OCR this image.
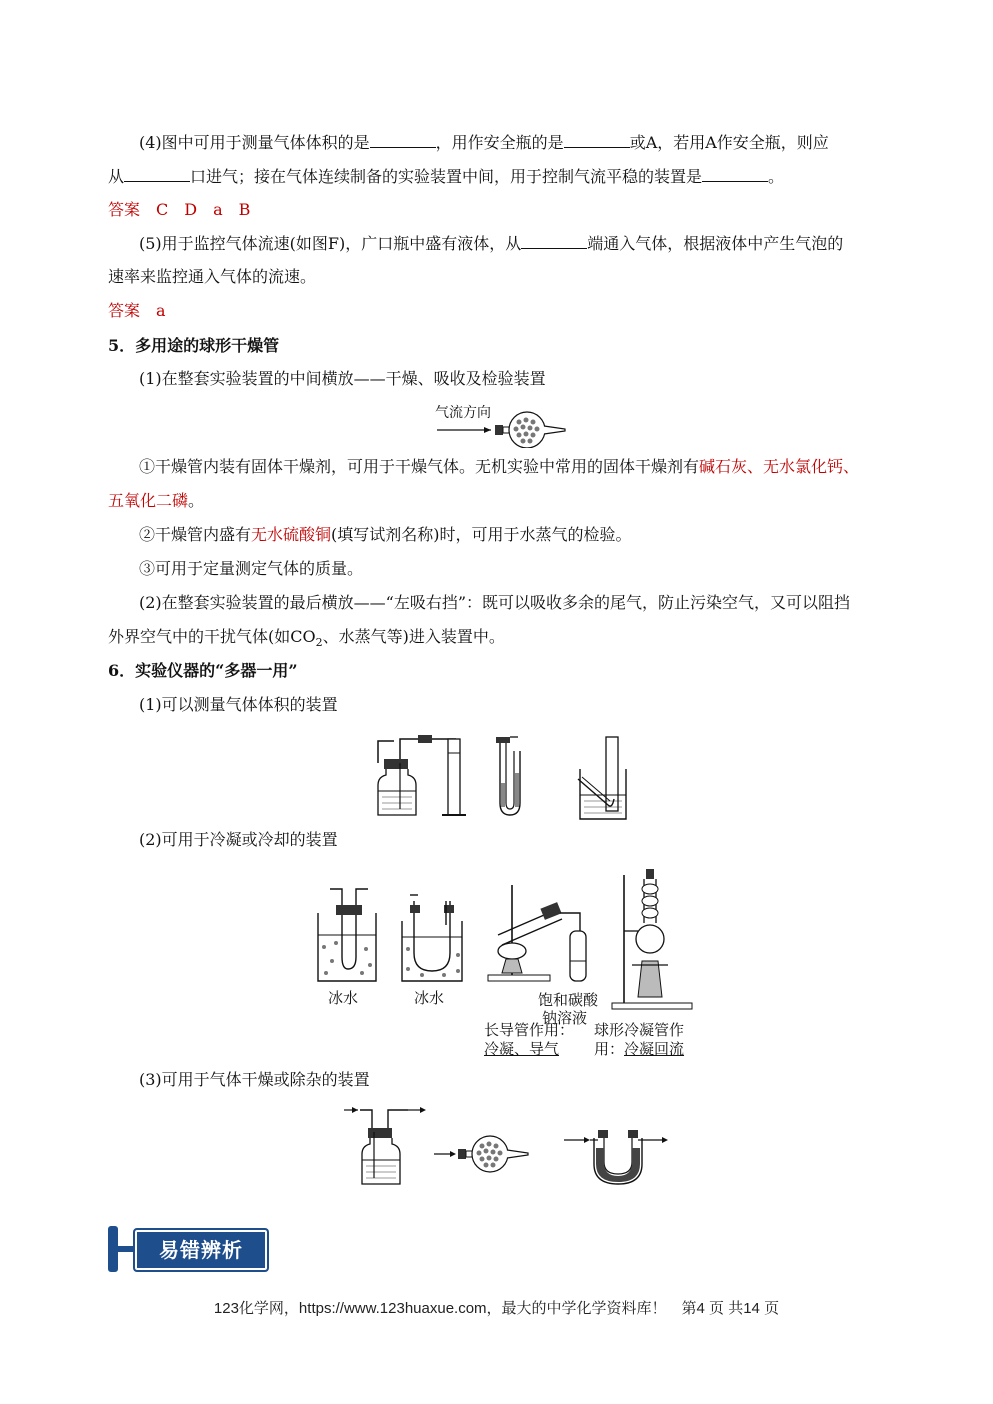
(4)图中可用于测量气体体积的是	，用作安全瓶的是	或A，若用A作安全瓶，则应
从	口进气；接在气体连续制备的实验装置中间，用于控制气流平稳的装置是	。
答案　C　D　a　B
(5)用于监控气体流速(如图F)，广口瓶中盛有液体，从	端通入气体，根据液体中产生气泡的
速率来监控通入气体的流速。
答案　a
5．多用途的球形干燥管
(1)在整套实验装置的中间横放——干燥、吸收及检验装置
气流方向
①干燥管内装有固体干燥剂，可用于干燥气体。无机实验中常用的固体干燥剂有碱石灰、无水氯化钙、
五氧化二磷。
②干燥管内盛有无水硫酸铜(填写试剂名称)时，可用于水蒸气的检验。
③可用于定量测定气体的质量。
(2)在整套实验装置的最后横放——“左吸右挡”：既可以吸收多余的尾气，防止污染空气，又可以阻挡
外界空气中的干扰气体(如$CO_2$、水蒸气等)进入装置中。
6．实验仪器的“多器一用”
(1)可以测量气体体积的装置
(2)可用于冷凝或冷却的装置
冰水	冰水	饱和碳酸
钠溶液
长导管作用：
冷凝、导气
球形冷凝管作
用：冷凝回流
(3)可用于气体干燥或除杂的装置
易错辨析
123化学网，https://www.123huaxue.com，最大的中学化学资料库！　第4 页 共14 页
